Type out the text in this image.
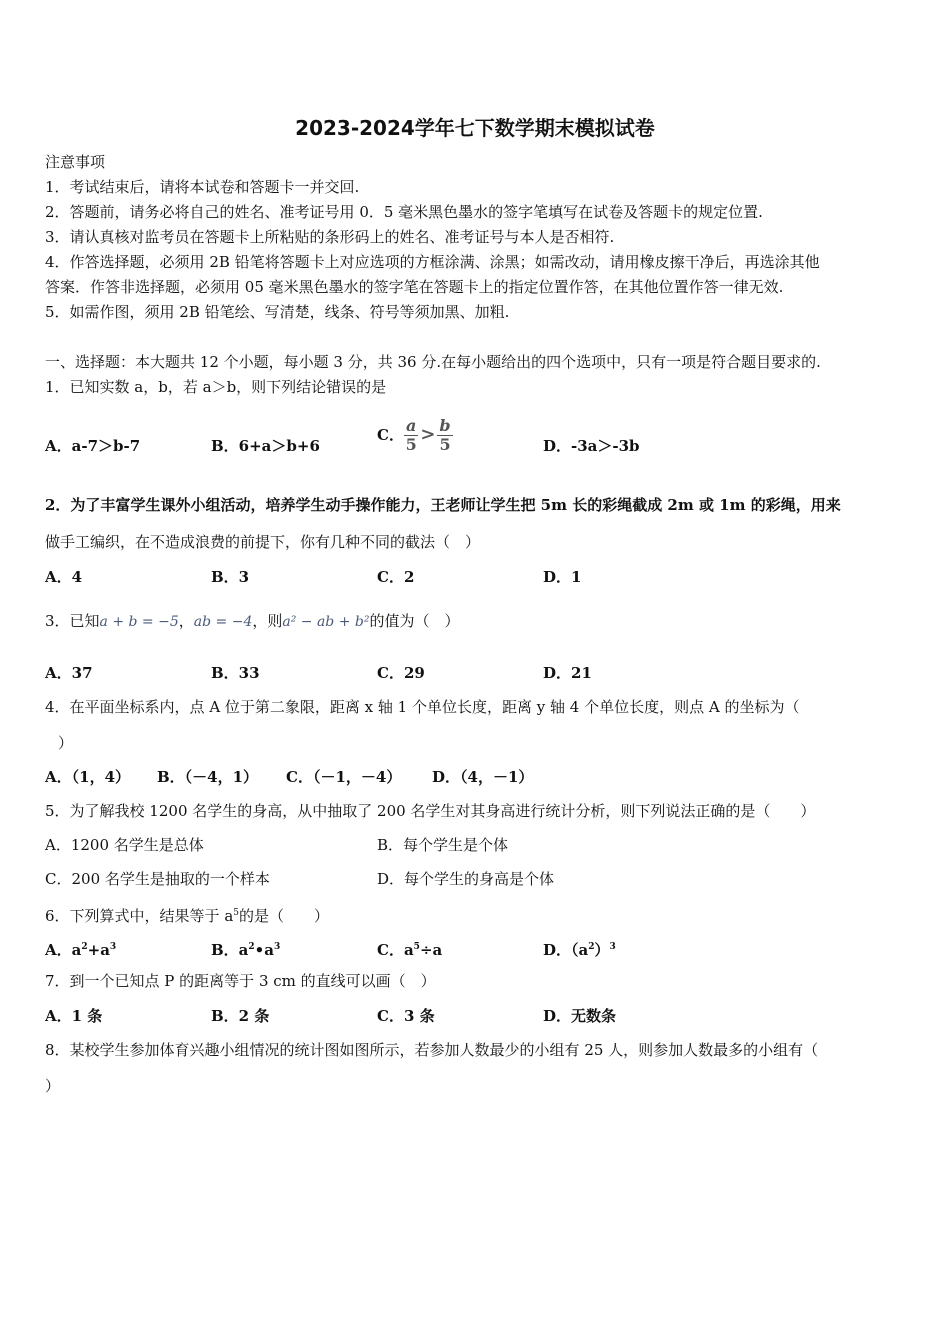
2023-2024学年七下数学期末模拟试卷
注意事项
1．考试结束后，请将本试卷和答题卡一并交回.
2．答题前，请务必将自己的姓名、准考证号用 0．5 毫米黑色墨水的签字笔填写在试卷及答题卡的规定位置.
3．请认真核对监考员在答题卡上所粘贴的条形码上的姓名、准考证号与本人是否相符.
4．作答选择题，必须用 2B 铅笔将答题卡上对应选项的方框涂满、涂黑；如需改动，请用橡皮擦干净后，再选涂其他
答案．作答非选择题，必须用 05 毫米黑色墨水的签字笔在答题卡上的指定位置作答，在其他位置作答一律无效.
5．如需作图，须用 2B 铅笔绘、写清楚，线条、符号等须加黑、加粗.
一、选择题：本大题共 12 个小题，每小题 3 分，共 36 分.在每小题给出的四个选项中，只有一项是符合题目要求的.
1．已知实数 a，b，若 a＞b，则下列结论错误的是
A．a-7＞b-7	B．6+a＞b+6
C． $\frac{a}{5} > \frac{b}{5}$	D．-3a＞-3b
2．为了丰富学生课外小组活动，培养学生动手操作能力，王老师让学生把 5m 长的彩绳截成 2m 或 1m 的彩绳，用来
做手工编织，在不造成浪费的前提下，你有几种不同的截法（　）
A．4	B．3	C．2	D．1
3．已知a + b = −5，ab = −4，则a² − ab + b²的值为（　）
A．37	B．33	C．29	D．21
4．在平面坐标系内，点 A 位于第二象限，距离 x 轴 1 个单位长度，距离 y 轴 4 个单位长度，则点 A 的坐标为（
）
A．（1，4） B．（－4，1） C．（－1，－4） D．（4，－1）
5．为了解我校 1200 名学生的身高，从中抽取了 200 名学生对其身高进行统计分析，则下列说法正确的是（　　）
A．1200 名学生是总体	B．每个学生是个体
C．200 名学生是抽取的一个样本	D．每个学生的身高是个体
6．下列算式中，结果等于 $a^5$的是（　　）
A．$a^2+a^3$	B．$a^2•a^3$	C．$a^5\div a$	D．$(a^2)^3$
7．到一个已知点 P 的距离等于 3 cm 的直线可以画（　）
A．1 条	B．2 条	C．3 条	D．无数条
8．某校学生参加体育兴趣小组情况的统计图如图所示，若参加人数最少的小组有 25 人，则参加人数最多的小组有（
）
